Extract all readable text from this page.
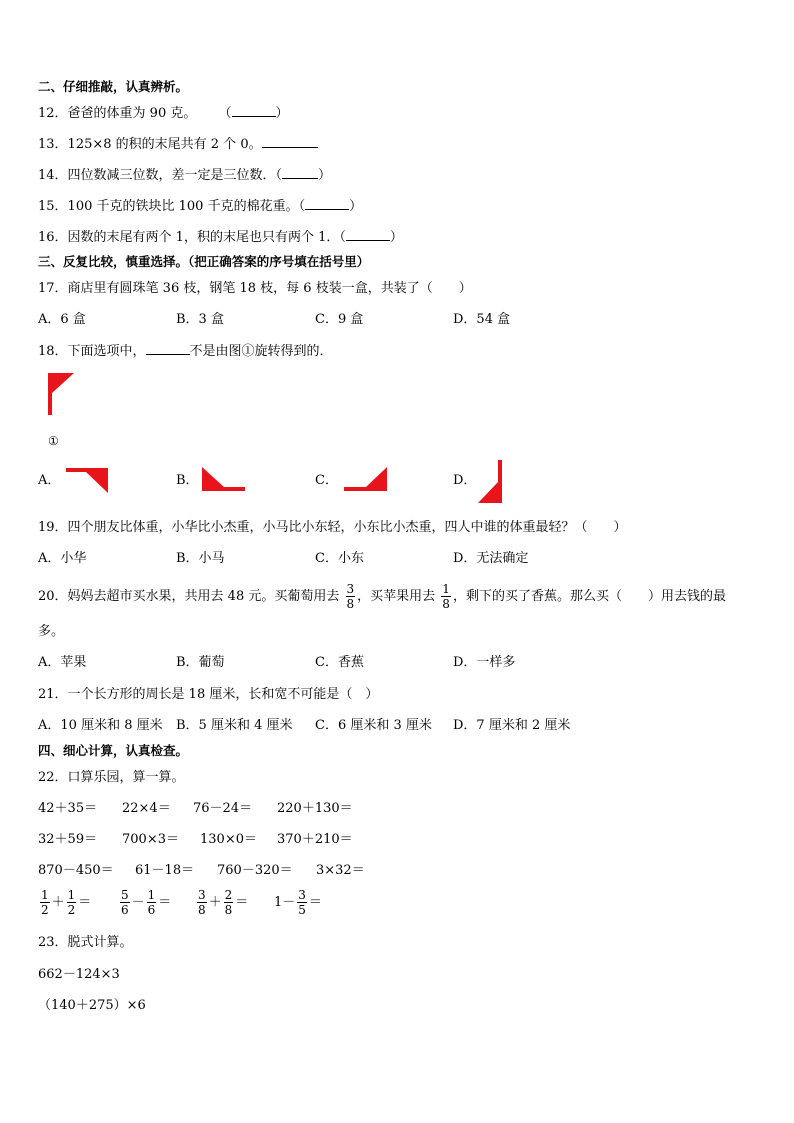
二、仔细推敲，认真辨析。
12．爸爸的体重为 90 克。 （	）
13．125×8 的积的末尾共有 2 个 0。
14．四位数减三位数，差一定是三位数．（	）
15．100 千克的铁块比 100 千克的棉花重。（	）
16．因数的末尾有两个 1，积的末尾也只有两个 1．（	）
三、反复比较，慎重选择。（把正确答案的序号填在括号里）
17．商店里有圆珠笔 36 枝，钢笔 18 枝，每 6 枝装一盒，共装了（　　）
A．6 盒	B．3 盒	C．9 盒	D．54 盒
18．下面选项中，	不是由图①旋转得到的．
①
A．	B．	C．	D．
19．四个朋友比体重，小华比小杰重，小马比小东轻，小东比小杰重，四人中谁的体重最轻？（　　）
A．小华	B．小马	C．小东	D．无法确定
20．妈妈去超市买水果，共用去 48 元。买葡萄用去 $\frac{3}{8}$ ，买苹果用去 $\frac{1}{8}$ ，剩下的买了香蕉。那么买（　　）用去钱的最
多。
A．苹果	B．葡萄	C．香蕉	D．一样多
21．一个长方形的周长是 18 厘米，长和宽不可能是（　）
A．10 厘米和 8 厘米 B．5 厘米和 4 厘米 C．6 厘米和 3 厘米 D．7 厘米和 2 厘米
四、细心计算，认真检查。
22．口算乐园，算一算。
42＋35＝ 22×4＝ 76－24＝ 220＋130＝
32＋59＝ 700×3＝ 130×0＝ 370＋210＝
870－450＝ 61－18＝ 760－320＝ 3×32＝
$\frac{1}{2} + \frac{1}{2} = \frac{5}{6} - \frac{1}{6} = \frac{3}{8} + \frac{2}{8} = 1- \frac{3}{5}$ ＝
23．脱式计算。
662－124×3
（140＋275）×6
